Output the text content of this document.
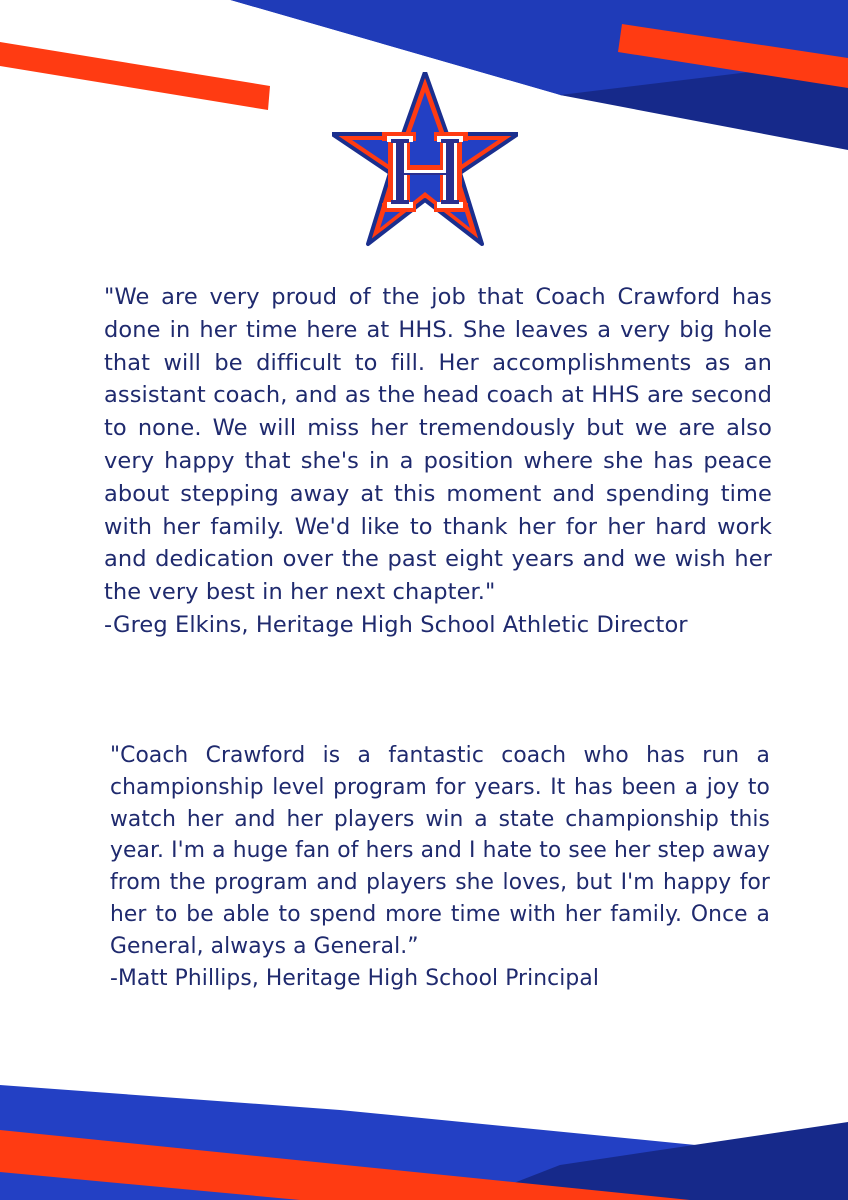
"We are very proud of the job that Coach Crawford has done in her time here at HHS. She leaves a very big hole that will be difficult to fill. Her accomplishments as an assistant coach, and as the head coach at HHS are second to none. We will miss her tremendously but we are also very happy that she's in a position where she has peace about stepping away at this moment and spending time with her family. We'd like to thank her for her hard work and dedication over the past eight years and we wish her the very best in her next chapter."

-Greg Elkins, Heritage High School Athletic Director

"Coach Crawford is a fantastic coach who has run a championship level program for years. It has been a joy to watch her and her players win a state championship this year. I'm a huge fan of hers and I hate to see her step away from the program and players she loves, but I'm happy for her to be able to spend more time with her family. Once a General, always a General.”

-Matt Phillips, Heritage High School Principal
